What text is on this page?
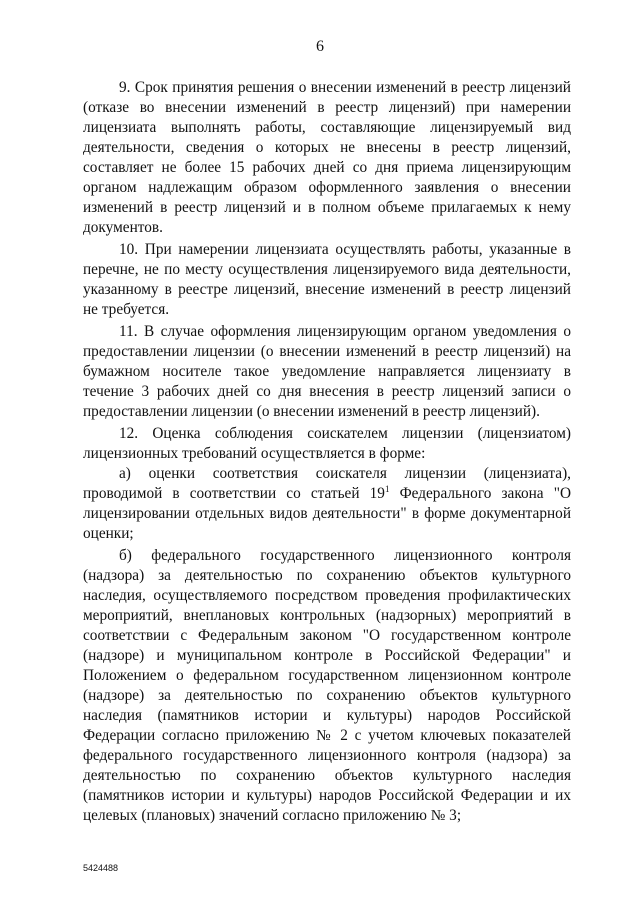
6

9. Срок принятия решения о внесении изменений в реестр лицензий (отказе во внесении изменений в реестр лицензий) при намерении лицензиата выполнять работы, составляющие лицензируемый вид деятельности, сведения о которых не внесены в реестр лицензий, составляет не более 15 рабочих дней со дня приема лицензирующим органом надлежащим образом оформленного заявления о внесении изменений в реестр лицензий и в полном объеме прилагаемых к нему документов.

10. При намерении лицензиата осуществлять работы, указанные в перечне, не по месту осуществления лицензируемого вида деятельности, указанному в реестре лицензий, внесение изменений в реестр лицензий не требуется.

11. В случае оформления лицензирующим органом уведомления о предоставлении лицензии (о внесении изменений в реестр лицензий) на бумажном носителе такое уведомление направляется лицензиату в течение 3 рабочих дней со дня внесения в реестр лицензий записи о предоставлении лицензии (о внесении изменений в реестр лицензий).

12. Оценка соблюдения соискателем лицензии (лицензиатом) лицензионных требований осуществляется в форме:

а) оценки соответствия соискателя лицензии (лицензиата), проводимой в соответствии со статьей $19^1$ Федерального закона "О лицензировании отдельных видов деятельности" в форме документарной оценки;

б) федерального государственного лицензионного контроля (надзора) за деятельностью по сохранению объектов культурного наследия, осуществляемого посредством проведения профилактических мероприятий, внеплановых контрольных (надзорных) мероприятий в соответствии с Федеральным законом "О государственном контроле (надзоре) и муниципальном контроле в Российской Федерации" и Положением о федеральном государственном лицензионном контроле (надзоре) за деятельностью по сохранению объектов культурного наследия (памятников истории и культуры) народов Российской Федерации согласно приложению № 2 с учетом ключевых показателей федерального государственного лицензионного контроля (надзора) за деятельностью по сохранению объектов культурного наследия (памятников истории и культуры) народов Российской Федерации и их целевых (плановых) значений согласно приложению № 3;

5424488
